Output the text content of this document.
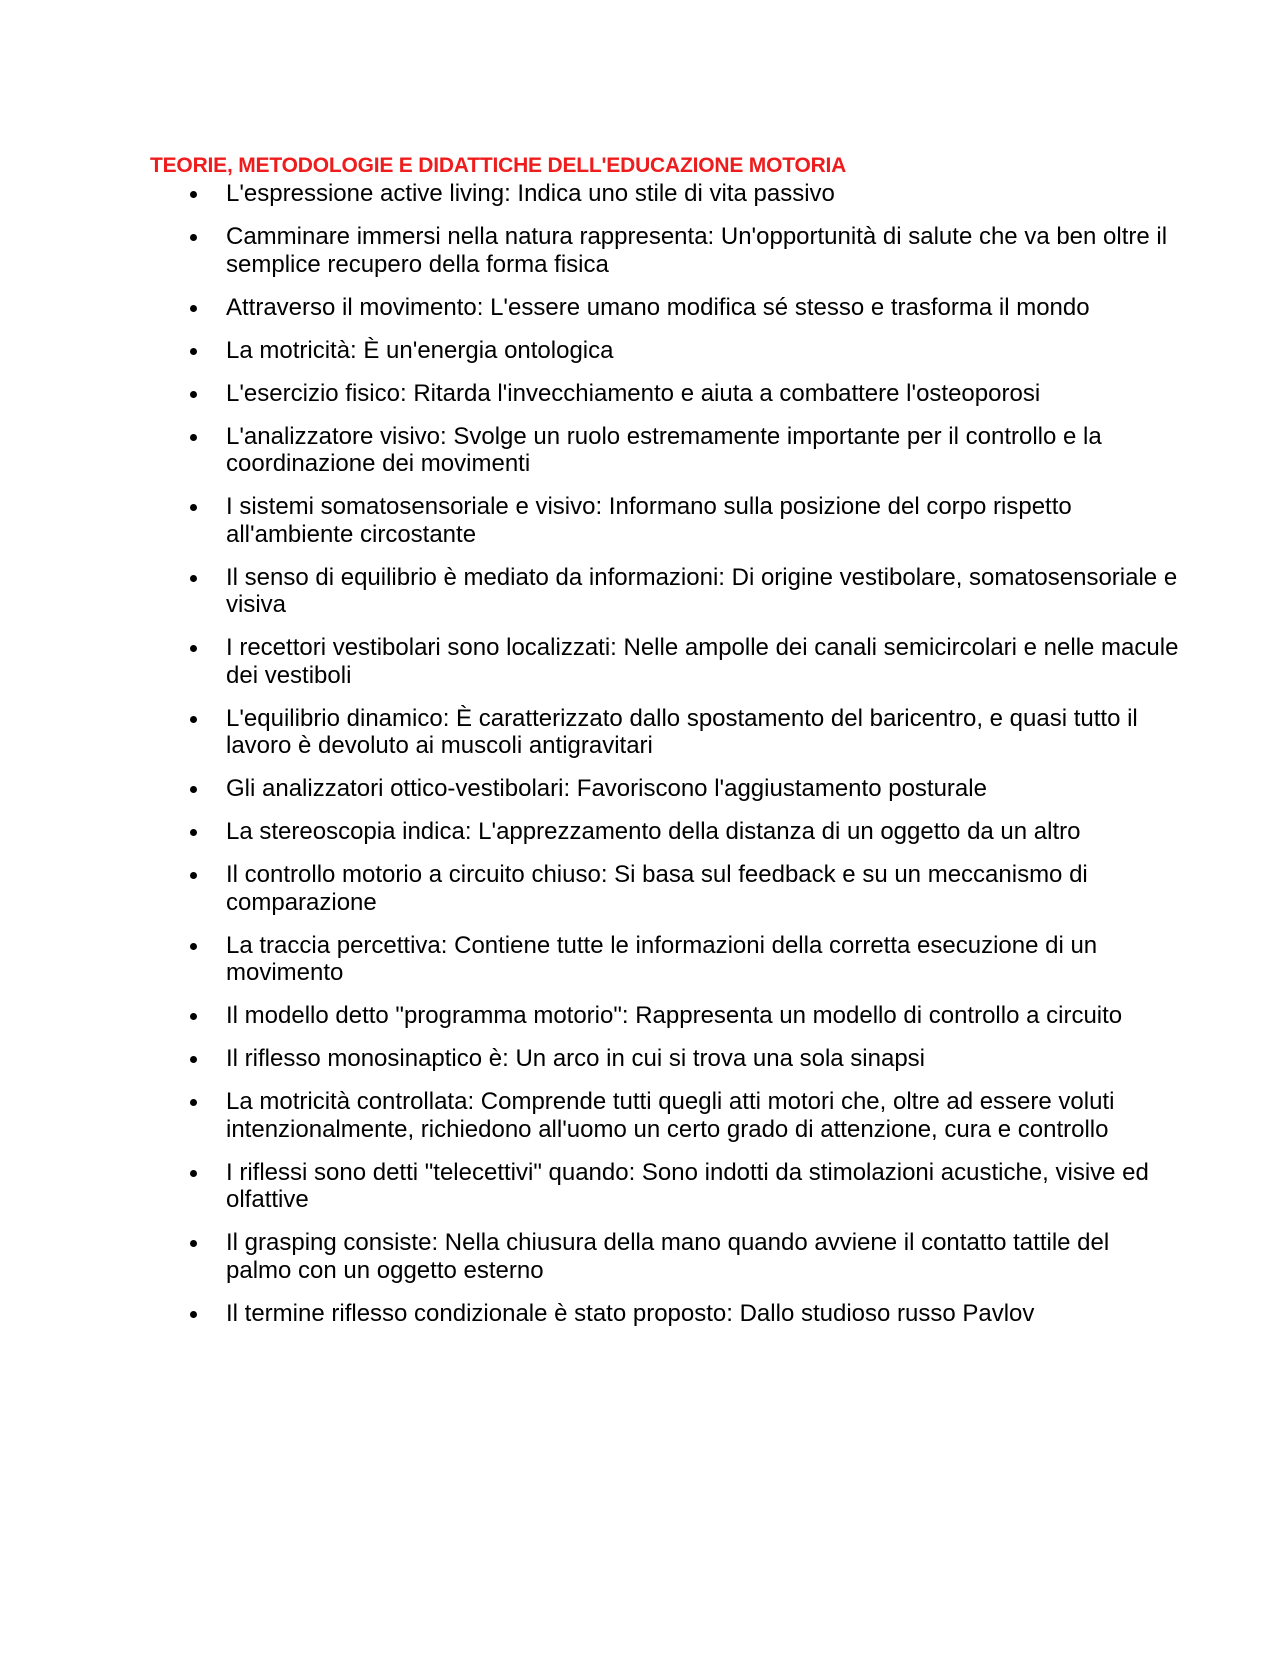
TEORIE, METODOLOGIE E DIDATTICHE DELL'EDUCAZIONE MOTORIA
L'espressione active living: Indica uno stile di vita passivo
Camminare immersi nella natura rappresenta: Un'opportunità di salute che va ben oltre il semplice recupero della forma fisica
Attraverso il movimento: L'essere umano modifica sé stesso e trasforma il mondo
La motricità: È un'energia ontologica
L'esercizio fisico: Ritarda l'invecchiamento e aiuta a combattere l'osteoporosi
L'analizzatore visivo: Svolge un ruolo estremamente importante per il controllo e la coordinazione dei movimenti
I sistemi somatosensoriale e visivo: Informano sulla posizione del corpo rispetto all'ambiente circostante
Il senso di equilibrio è mediato da informazioni: Di origine vestibolare, somatosensoriale e visiva
I recettori vestibolari sono localizzati: Nelle ampolle dei canali semicircolari e nelle macule dei vestiboli
L'equilibrio dinamico: È caratterizzato dallo spostamento del baricentro, e quasi tutto il lavoro è devoluto ai muscoli antigravitari
Gli analizzatori ottico-vestibolari: Favoriscono l'aggiustamento posturale
La stereoscopia indica: L'apprezzamento della distanza di un oggetto da un altro
Il controllo motorio a circuito chiuso: Si basa sul feedback e su un meccanismo di comparazione
La traccia percettiva: Contiene tutte le informazioni della corretta esecuzione di un movimento
Il modello detto "programma motorio": Rappresenta un modello di controllo a circuito
Il riflesso monosinaptico è: Un arco in cui si trova una sola sinapsi
La motricità controllata: Comprende tutti quegli atti motori che, oltre ad essere voluti intenzionalmente, richiedono all'uomo un certo grado di attenzione, cura e controllo
I riflessi sono detti "telecettivi" quando: Sono indotti da stimolazioni acustiche, visive ed olfattive
Il grasping consiste: Nella chiusura della mano quando avviene il contatto tattile del palmo con un oggetto esterno
Il termine riflesso condizionale è stato proposto: Dallo studioso russo Pavlov
